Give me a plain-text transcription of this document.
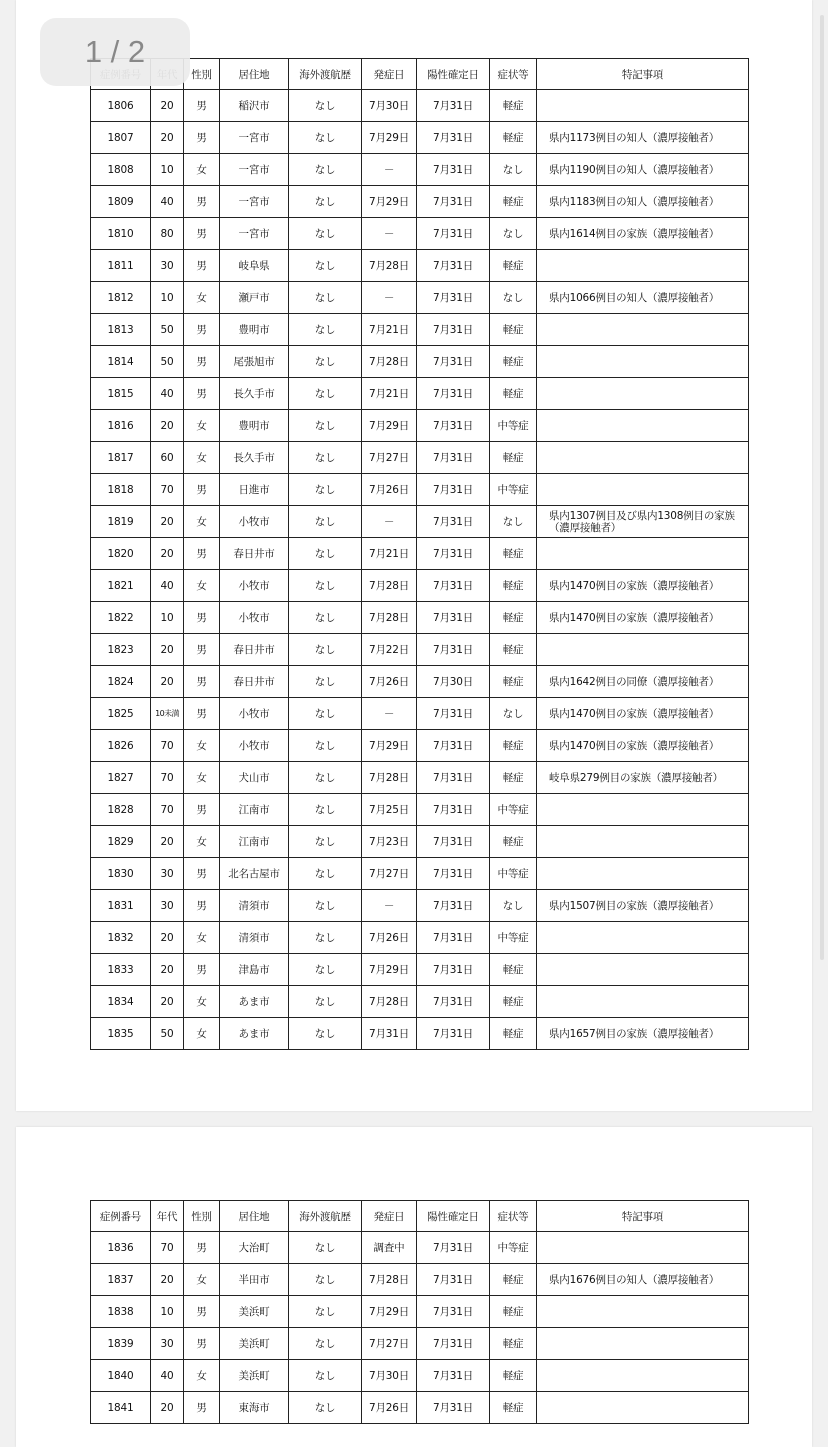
		性別	居住地	海外渡航歴	発症日	陽性確定日	症状等	特記事項
1806	20	男	稲沢市	なし	7月30日	7月31日	軽症	
1807	20	男	一宮市	なし	7月29日	7月31日	軽症	県内1173例目の知人（濃厚接触者）
1808	10	女	一宮市	なし	－	7月31日	なし	県内1190例目の知人（濃厚接触者）
1809	40	男	一宮市	なし	7月29日	7月31日	軽症	県内1183例目の知人（濃厚接触者）
1810	80	男	一宮市	なし	－	7月31日	なし	県内1614例目の家族（濃厚接触者）
1811	30	男	岐阜県	なし	7月28日	7月31日	軽症	
1812	10	女	瀬戸市	なし	－	7月31日	なし	県内1066例目の知人（濃厚接触者）
1813	50	男	豊明市	なし	7月21日	7月31日	軽症	
1814	50	男	尾張旭市	なし	7月28日	7月31日	軽症	
1815	40	男	長久手市	なし	7月21日	7月31日	軽症	
1816	20	女	豊明市	なし	7月29日	7月31日	中等症	
1817	60	女	長久手市	なし	7月27日	7月31日	軽症	
1818	70	男	日進市	なし	7月26日	7月31日	中等症	
1819	20	女	小牧市	なし	－	7月31日	なし	県内1307例目及び県内1308例目の家族（濃厚接触者）
1820	20	男	春日井市	なし	7月21日	7月31日	軽症	
1821	40	女	小牧市	なし	7月28日	7月31日	軽症	県内1470例目の家族（濃厚接触者）
1822	10	男	小牧市	なし	7月28日	7月31日	軽症	県内1470例目の家族（濃厚接触者）
1823	20	男	春日井市	なし	7月22日	7月31日	軽症	
1824	20	男	春日井市	なし	7月26日	7月30日	軽症	県内1642例目の同僚（濃厚接触者）
1825	10未満	男	小牧市	なし	－	7月31日	なし	県内1470例目の家族（濃厚接触者）
1826	70	女	小牧市	なし	7月29日	7月31日	軽症	県内1470例目の家族（濃厚接触者）
1827	70	女	犬山市	なし	7月28日	7月31日	軽症	岐阜県279例目の家族（濃厚接触者）
1828	70	男	江南市	なし	7月25日	7月31日	中等症	
1829	20	女	江南市	なし	7月23日	7月31日	軽症	
1830	30	男	北名古屋市	なし	7月27日	7月31日	中等症	
1831	30	男	清須市	なし	－	7月31日	なし	県内1507例目の家族（濃厚接触者）
1832	20	女	清須市	なし	7月26日	7月31日	中等症	
1833	20	男	津島市	なし	7月29日	7月31日	軽症	
1834	20	女	あま市	なし	7月28日	7月31日	軽症	
1835	50	女	あま市	なし	7月31日	7月31日	軽症	県内1657例目の家族（濃厚接触者）
症例番号	年代	性別	居住地	海外渡航歴	発症日	陽性確定日	症状等	特記事項
1836	70	男	大治町	なし	調査中	7月31日	中等症	
1837	20	女	半田市	なし	7月28日	7月31日	軽症	県内1676例目の知人（濃厚接触者）
1838	10	男	美浜町	なし	7月29日	7月31日	軽症	
1839	30	男	美浜町	なし	7月27日	7月31日	軽症	
1840	40	女	美浜町	なし	7月30日	7月31日	軽症	
1841	20	男	東海市	なし	7月26日	7月31日	軽症	
1 / 2
